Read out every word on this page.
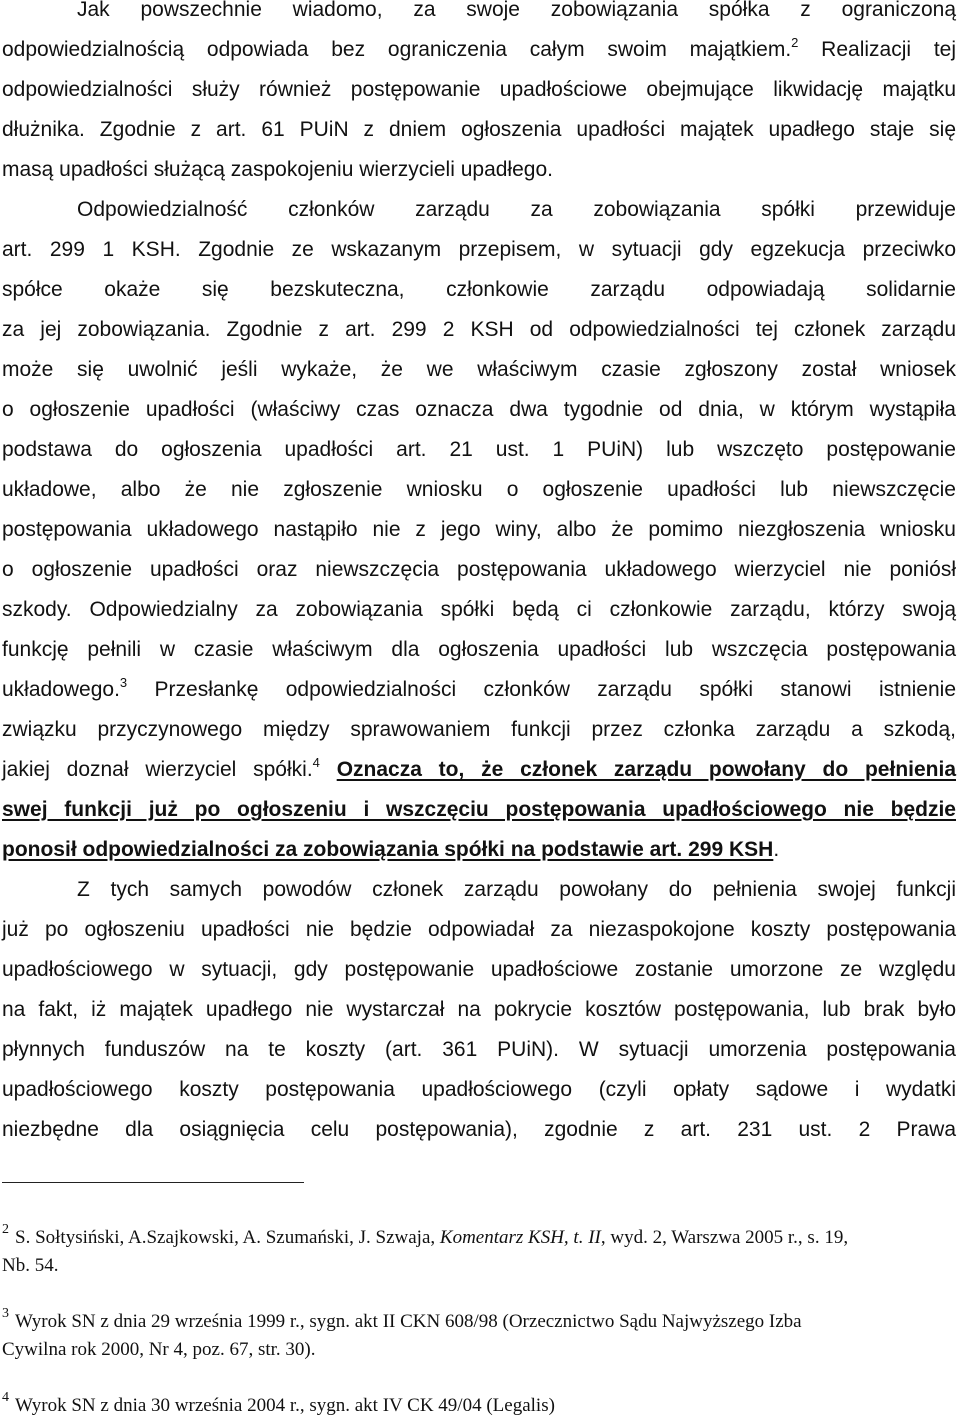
Jak powszechnie wiadomo, za swoje zobowiązania spółka z ograniczoną
odpowiedzialnością odpowiada bez ograniczenia całym swoim majątkiem.$^2$ Realizacji tej
odpowiedzialności służy również postępowanie upadłościowe obejmujące likwidację majątku
dłużnika. Zgodnie z art. 61 PUiN z dniem ogłoszenia upadłości majątek upadłego staje się
masą upadłości służącą zaspokojeniu wierzycieli upadłego.
Odpowiedzialność członków zarządu za zobowiązania spółki przewiduje
art. 299 1 KSH. Zgodnie ze wskazanym przepisem, w sytuacji gdy egzekucja przeciwko
spółce okaże się bezskuteczna, członkowie zarządu odpowiadają solidarnie
za jej zobowiązania. Zgodnie z art. 299 2 KSH od odpowiedzialności tej członek zarządu
może się uwolnić jeśli wykaże, że we właściwym czasie zgłoszony został wniosek
o ogłoszenie upadłości (właściwy czas oznacza dwa tygodnie od dnia, w którym wystąpiła
podstawa do ogłoszenia upadłości art. 21 ust. 1 PUiN) lub wszczęto postępowanie
układowe, albo że nie zgłoszenie wniosku o ogłoszenie upadłości lub niewszczęcie
postępowania układowego nastąpiło nie z jego winy, albo że pomimo niezgłoszenia wniosku
o ogłoszenie upadłości oraz niewszczęcia postępowania układowego wierzyciel nie poniósł
szkody. Odpowiedzialny za zobowiązania spółki będą ci członkowie zarządu, którzy swoją
funkcję pełnili w czasie właściwym dla ogłoszenia upadłości lub wszczęcia postępowania
układowego.$^3$ Przesłankę odpowiedzialności członków zarządu spółki stanowi istnienie
związku przyczynowego między sprawowaniem funkcji przez członka zarządu a szkodą,
jakiej doznał wierzyciel spółki.$^4$ Oznacza to, że członek zarządu powołany do pełnienia
swej funkcji już po ogłoszeniu i wszczęciu postępowania upadłościowego nie będzie
ponosił odpowiedzialności za zobowiązania spółki na podstawie art. 299 KSH.
Z tych samych powodów członek zarządu powołany do pełnienia swojej funkcji
już po ogłoszeniu upadłości nie będzie odpowiadał za niezaspokojone koszty postępowania
upadłościowego w sytuacji, gdy postępowanie upadłościowe zostanie umorzone ze względu
na fakt, iż majątek upadłego nie wystarczał na pokrycie kosztów postępowania, lub brak było
płynnych funduszów na te koszty (art. 361 PUiN). W sytuacji umorzenia postępowania
upadłościowego koszty postępowania upadłościowego (czyli opłaty sądowe i wydatki
niezbędne dla osiągnięcia celu postępowania), zgodnie z art. 231 ust. 2 Prawa
$^2$ S. Sołtysiński, A.Szajkowski, A. Szumański, J. Szwaja, Komentarz KSH, t. II, wyd. 2, Warszwa 2005 r., s. 19,
Nb. 54.
$^3$ Wyrok SN z dnia 29 września 1999 r., sygn. akt II CKN 608/98 (Orzecznictwo Sądu Najwyższego Izba
Cywilna rok 2000, Nr 4, poz. 67, str. 30).
$^4$ Wyrok SN z dnia 30 września 2004 r., sygn. akt IV CK 49/04 (Legalis)
